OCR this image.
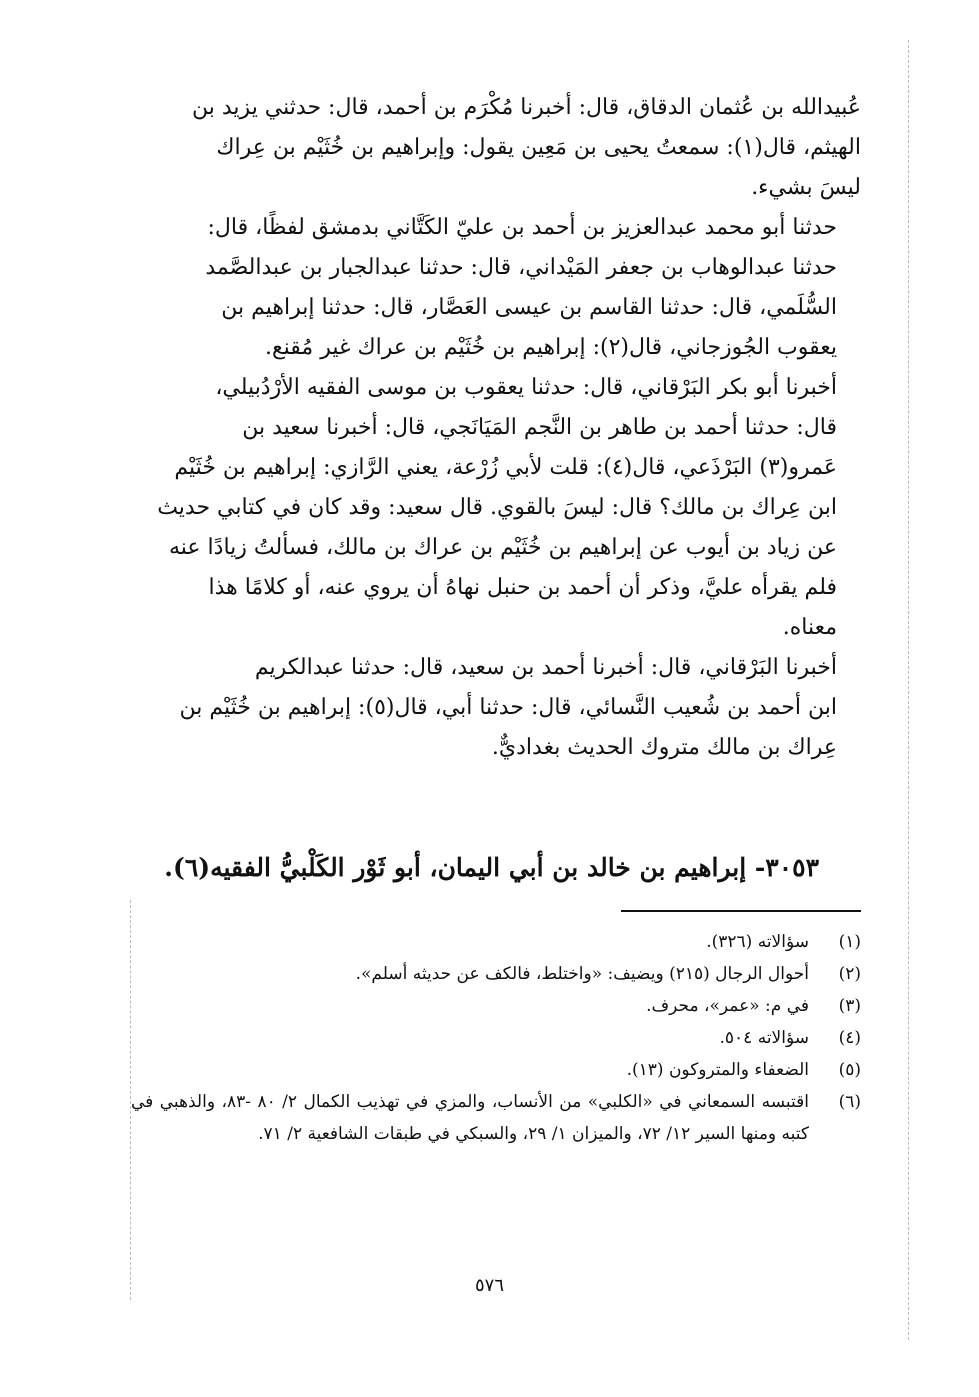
عُبيدالله بن عُثمان الدقاق، قال: أخبرنا مُكْرَم بن أحمد، قال: حدثني يزيد بن
الهيثم، قال(١): سمعتُ يحيى بن مَعِين يقول: وإبراهيم بن خُثَيْم بن عِراك
ليسَ بشيء.

حدثنا أبو محمد عبدالعزيز بن أحمد بن عليّ الكَتَّاني بدمشق لفظًا، قال:
حدثنا عبدالوهاب بن جعفر المَيْداني، قال: حدثنا عبدالجبار بن عبدالصَّمد
السُّلَمي، قال: حدثنا القاسم بن عيسى العَصَّار، قال: حدثنا إبراهيم بن
يعقوب الجُوزجاني، قال(٢): إبراهيم بن خُثَيْم بن عراك غير مُقنع.

أخبرنا أبو بكر البَرْقاني، قال: حدثنا يعقوب بن موسى الفقيه الأرْدُبيلي،
قال: حدثنا أحمد بن طاهر بن النَّجم المَيَانَجي، قال: أخبرنا سعيد بن
عَمرو(٣) البَرْذَعي، قال(٤): قلت لأبي زُرْعة، يعني الرَّازي: إبراهيم بن خُثَيْم
ابن عِراك بن مالك؟ قال: ليسَ بالقوي. قال سعيد: وقد كان في كتابي حديث
عن زياد بن أيوب عن إبراهيم بن خُثَيْم بن عراك بن مالك، فسألتُ زيادًا عنه
فلم يقرأه عليَّ، وذكر أن أحمد بن حنبل نهاهُ أن يروي عنه، أو كلامًا هذا
معناه.

أخبرنا البَرْقاني، قال: أخبرنا أحمد بن سعيد، قال: حدثنا عبدالكريم
ابن أحمد بن شُعيب النَّسائي، قال: حدثنا أبي، قال(٥): إبراهيم بن خُثَيْم بن
عِراك بن مالك متروك الحديث بغداديٌّ.

٣٠٥٣- إبراهيم بن خالد بن أبي اليمان، أبو ثَوْر الكَلْبيُّ الفقيه(٦).
(١)
سؤالاته (٣٢٦).
(٢)
أحوال الرجال (٢١٥) ويضيف: «واختلط، فالكف عن حديثه أسلم».
(٣)
في م: «عمر»، محرف.
(٤)
سؤالاته ٥٠٤.
(٥)
الضعفاء والمتروكون (١٣).
(٦)
اقتبسه السمعاني في «الكلبي» من الأنساب، والمزي في تهذيب الكمال ٢/ ٨٠ -٨٣، والذهبي في كتبه ومنها السير ١٢/ ٧٢، والميزان ١/ ٢٩، والسبكي في طبقات الشافعية ٢/ ٧١.
٥٧٦
